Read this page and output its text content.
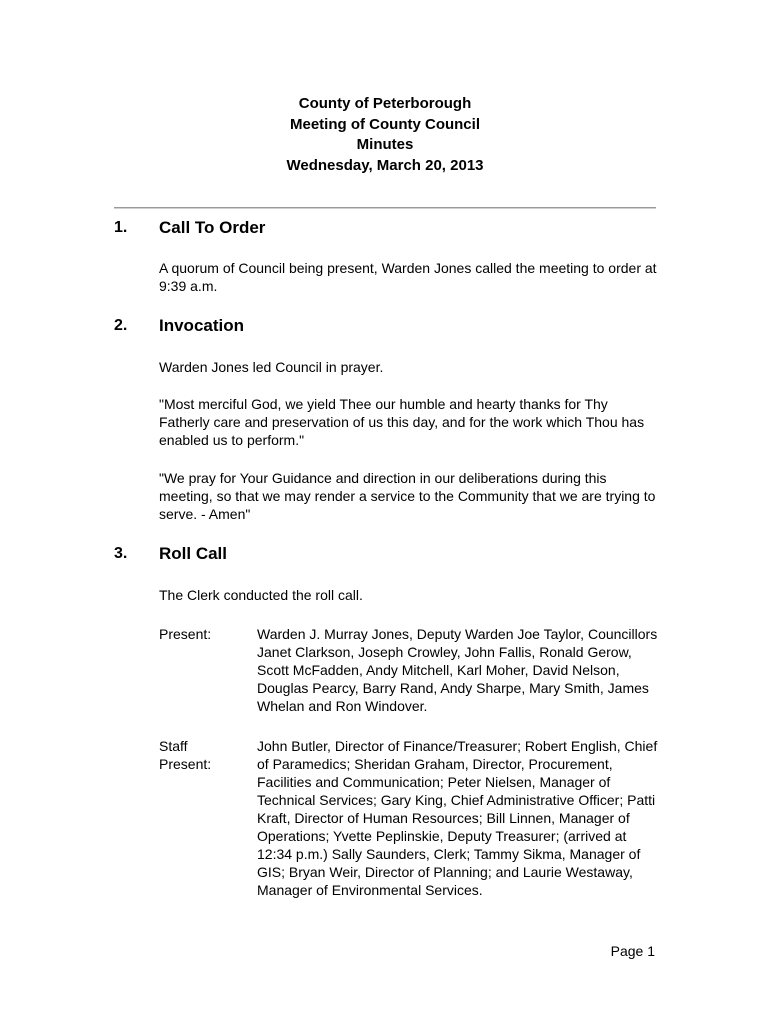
County of Peterborough
Meeting of County Council
Minutes
Wednesday, March 20, 2013
1. Call To Order
A quorum of Council being present, Warden Jones called the meeting to order at 9:39 a.m.
2. Invocation
Warden Jones led Council in prayer.
"Most merciful God, we yield Thee our humble and hearty thanks for Thy Fatherly care and preservation of us this day, and for the work which Thou has enabled us to perform."
"We pray for Your Guidance and direction in our deliberations during this meeting, so that we may render a service to the Community that we are trying to serve. - Amen"
3. Roll Call
The Clerk conducted the roll call.
Present:	Warden J. Murray Jones, Deputy Warden Joe Taylor, Councillors Janet Clarkson, Joseph Crowley, John Fallis, Ronald Gerow, Scott McFadden, Andy Mitchell, Karl Moher, David Nelson, Douglas Pearcy, Barry Rand, Andy Sharpe, Mary Smith, James Whelan and Ron Windover.
Staff
Present:
John Butler, Director of Finance/Treasurer; Robert English, Chief of Paramedics; Sheridan Graham, Director, Procurement, Facilities and Communication; Peter Nielsen, Manager of Technical Services; Gary King, Chief Administrative Officer; Patti Kraft, Director of Human Resources; Bill Linnen, Manager of Operations; Yvette Peplinskie, Deputy Treasurer; (arrived at 12:34 p.m.) Sally Saunders, Clerk; Tammy Sikma, Manager of GIS; Bryan Weir, Director of Planning; and Laurie Westaway, Manager of Environmental Services.
Page 1
